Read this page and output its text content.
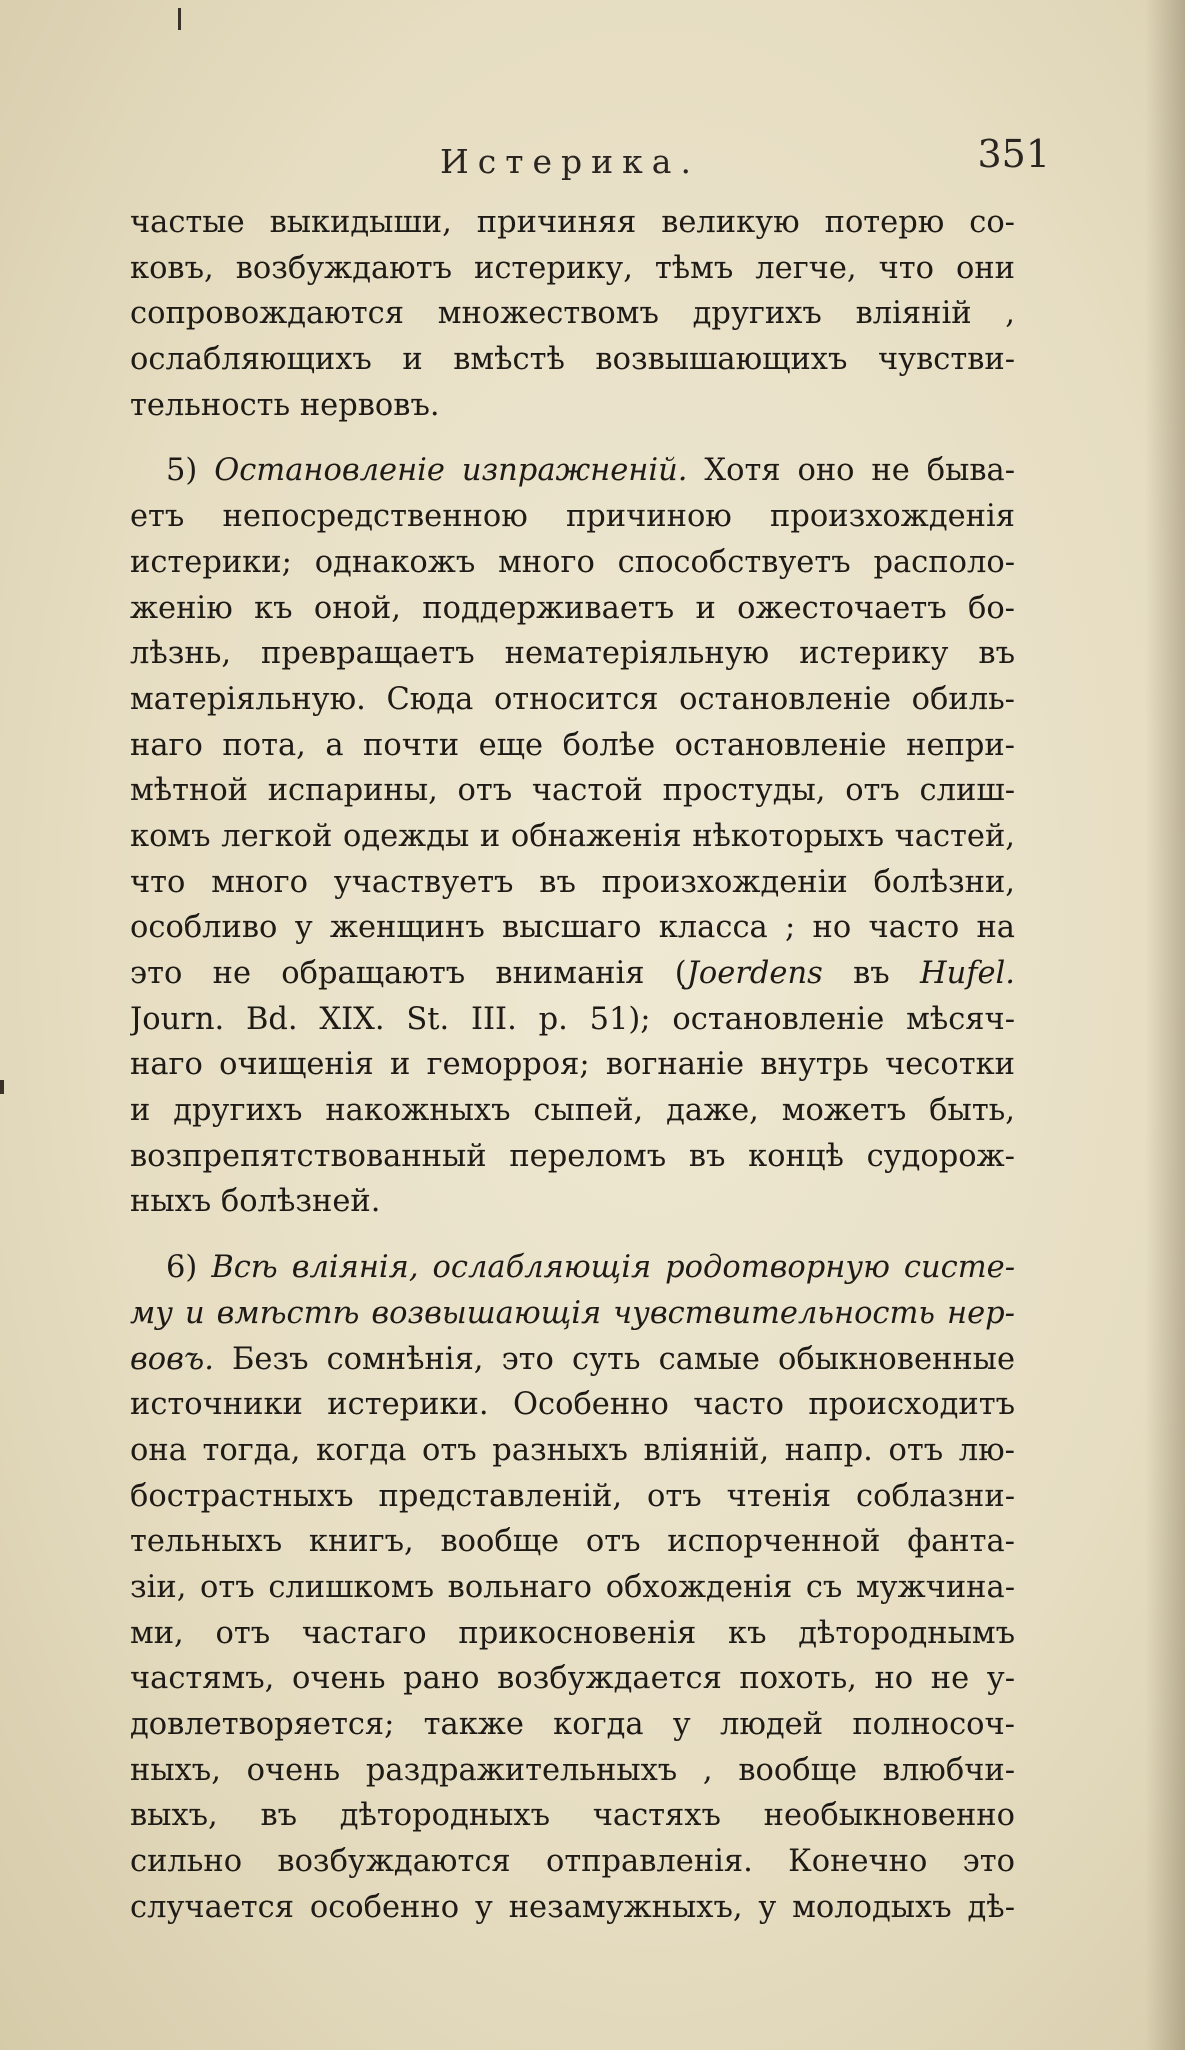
Истерика.	351
частые выкидыши, причиняя великую потерю со-
ковъ, возбуждаютъ истерику, тѣмъ легче, что они
сопровождаются множествомъ другихъ вліяній ,
ослабляющихъ и вмѣстѣ возвышающихъ чувстви-
тельность нервовъ.
5) Остановленіе изпражненій. Хотя оно не быва-
етъ непосредственною причиною произхожденія
истерики; однакожъ много способствуетъ располо-
женію къ оной, поддерживаетъ и ожесточаетъ бо-
лѣзнь, превращаетъ нематеріяльную истерику въ
матеріяльную. Сюда относится остановленіе обиль-
наго пота, а почти еще болѣе остановленіе непри-
мѣтной испарины, отъ частой простуды, отъ слиш-
комъ легкой одежды и обнаженія нѣкоторыхъ частей,
что много участвуетъ въ произхожденіи болѣзни,
особливо у женщинъ высшаго класса ; но часто на
это не обращаютъ вниманія (Joerdens въ Hufel.
Journ. Bd. XIX. St. III. p. 51); остановленіе мѣсяч-
наго очищенія и геморроя; вогнаніе внутрь чесотки
и другихъ накожныхъ сыпей, даже, можетъ быть,
возпрепятствованный переломъ въ концѣ судорож-
ныхъ болѣзней.
6) Всѣ вліянія, ослабляющія родотворную систе-
му и вмѣстѣ возвышающія чувствительность нер-
вовъ. Безъ сомнѣнія, это суть самые обыкновенные
источники истерики. Особенно часто происходитъ
она тогда, когда отъ разныхъ вліяній, напр. отъ лю-
бострастныхъ представленій, отъ чтенія соблазни-
тельныхъ книгъ, вообще отъ испорченной фанта-
зіи, отъ слишкомъ вольнаго обхожденія съ мужчина-
ми, отъ частаго прикосновенія къ дѣтороднымъ
частямъ, очень рано возбуждается похоть, но не у-
довлетворяется; также когда у людей полносоч-
ныхъ, очень раздражительныхъ , вообще влюбчи-
выхъ, въ дѣтородныхъ частяхъ необыкновенно
сильно возбуждаются отправленія. Конечно это
случается особенно у незамужныхъ, у молодыхъ дѣ-
